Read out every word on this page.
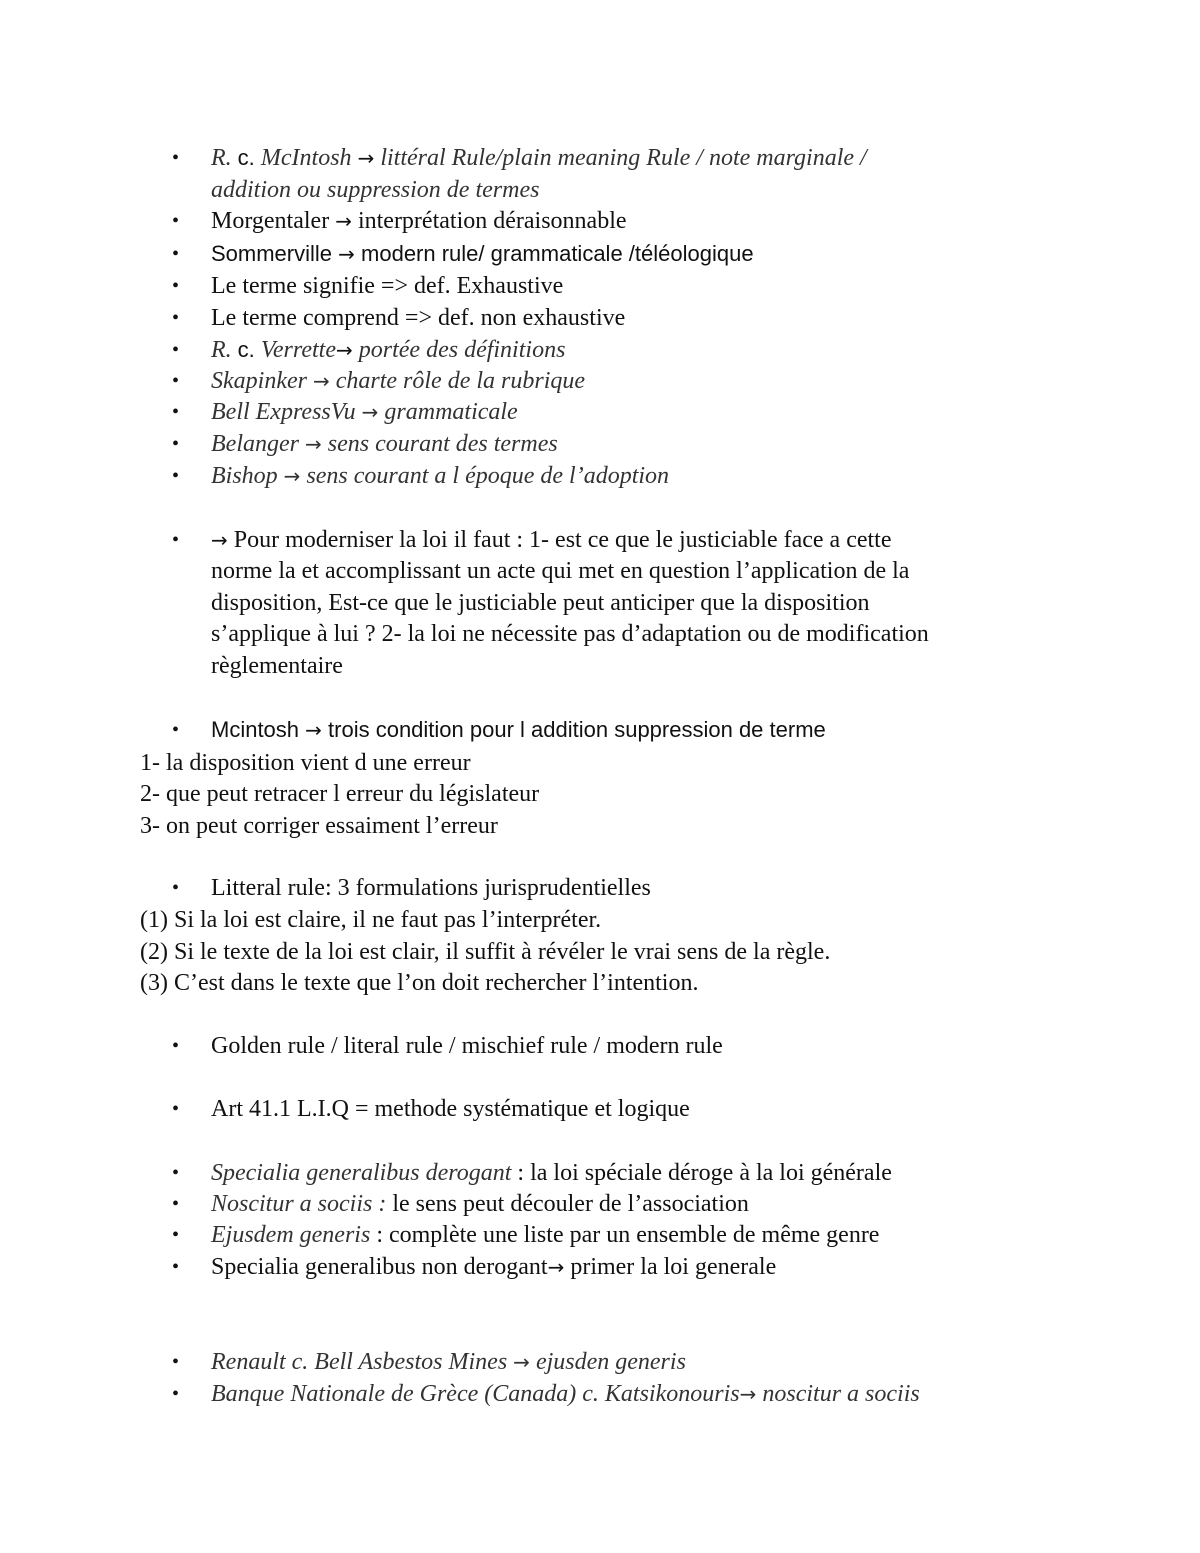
•	R. c. McIntosh → littéral Rule/plain meaning Rule / note marginale /
addition ou suppression de termes
•	Morgentaler → interprétation déraisonnable
•	Sommerville → modern rule/ grammaticale /téléologique
•	Le terme signifie => def. Exhaustive
•	Le terme comprend => def. non exhaustive
•	R. c. Verrette→ portée des définitions
•	Skapinker → charte rôle de la rubrique
•	Bell ExpressVu → grammaticale
•	Belanger → sens courant des termes
•	Bishop → sens courant a l époque de l’adoption
•	→ Pour moderniser la loi il faut : 1- est ce que le justiciable face a cette
norme la et accomplissant un acte qui met en question l’application de la
disposition, Est-ce que le justiciable peut anticiper que la disposition
s’applique à lui ? 2- la loi ne nécessite pas d’adaptation ou de modification
règlementaire
•	Mcintosh → trois condition pour l addition suppression de terme
1- la disposition vient d une erreur
2- que peut retracer l erreur du législateur
3- on peut corriger essaiment l’erreur
•	Litteral rule: 3 formulations jurisprudentielles
(1) Si la loi est claire, il ne faut pas l’interpréter.
(2) Si le texte de la loi est clair, il suffit à révéler le vrai sens de la règle.
(3) C’est dans le texte que l’on doit rechercher l’intention.
•	Golden rule / literal rule / mischief rule / modern rule
•	Art 41.1 L.I.Q = methode systématique et logique
•	Specialia generalibus derogant : la loi spéciale déroge à la loi générale
•	Noscitur a sociis : le sens peut découler de l’association
•	Ejusdem generis : complète une liste par un ensemble de même genre
•	Specialia generalibus non derogant→ primer la loi generale
•	Renault c. Bell Asbestos Mines → ejusden generis
•	Banque Nationale de Grèce (Canada) c. Katsikonouris→ noscitur a sociis
